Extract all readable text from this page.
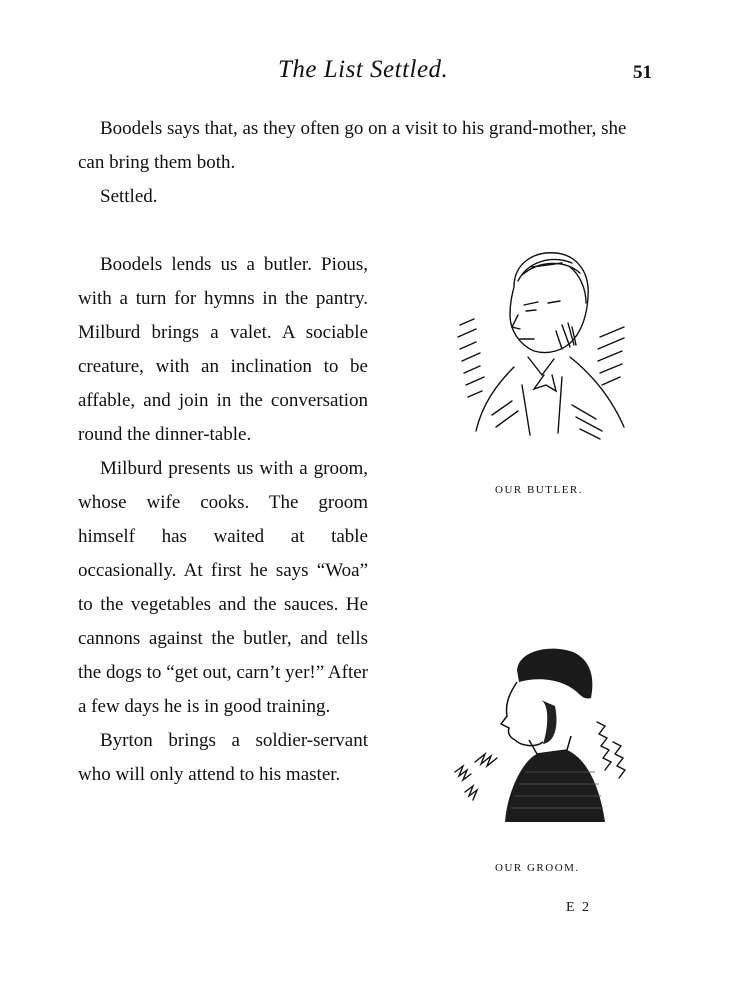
The List Settled.	51

Boodels says that, as they often go on a visit to his grand-mother, she can bring them both.

Settled.

Boodels lends us a butler. Pious, with a turn for hymns in the pantry. Milburd brings a valet. A sociable creature, with an inclination to be affable, and join in the conversation round the dinner-table.

Milburd presents us with a groom, whose wife cooks. The groom himself has waited at table occasionally. At first he says “Woa” to the vegetables and the sauces. He cannons against the butler, and tells the dogs to “get out, carn’t yer!” After a few days he is in good training.

Byrton brings a soldier-servant who will only attend to his master.

OUR BUTLER.
OUR GROOM.
E 2
